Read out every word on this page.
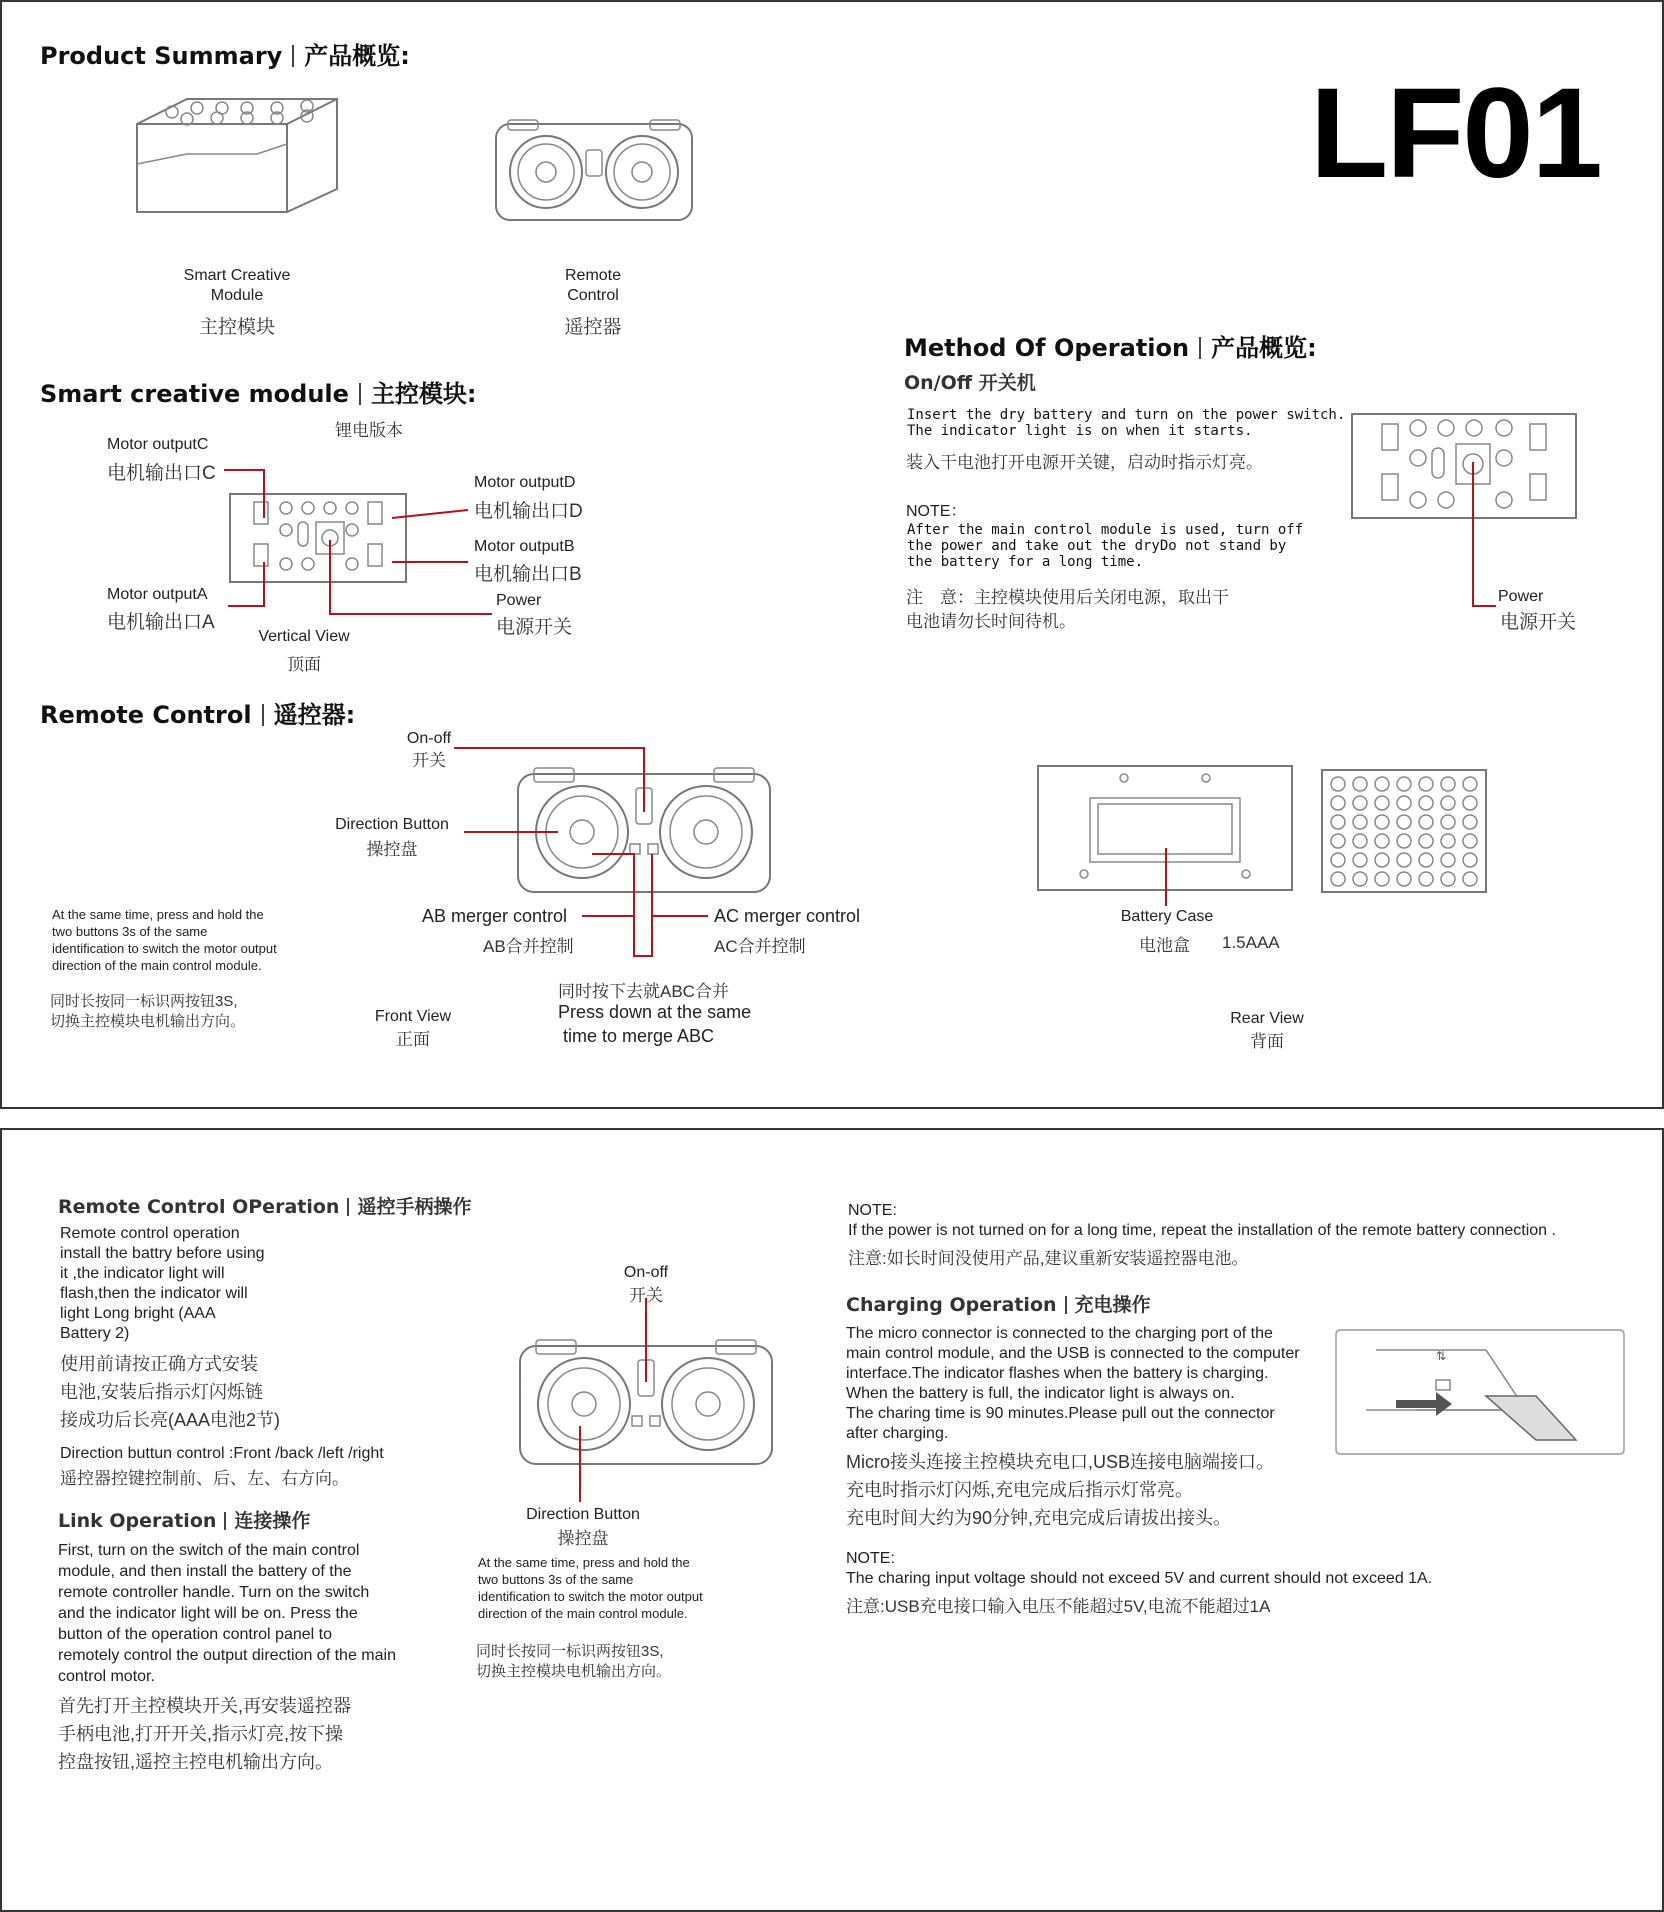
Product Summary 产品概览:
LF01
Smart Creative
Module
主控模块
Remote
Control
遥控器
Smart creative module 主控模块:
锂电版本
Motor outputC
电机输出口C	Motor outputD
电机输出口D
Motor outputB
电机输出口B
Motor outputA
电机输出口A
Power
电源开关
Vertical View
顶面
Method Of Operation 产品概览:
On/Off 开关机
Insert the dry battery and turn on the power switch.
The indicator light is on when it starts.
装入干电池打开电源开关键，启动时指示灯亮。
NOTE：
After the main control module is used, turn off
the power and take out the dryDo not stand by
the battery for a long time.
注　意：主控模块使用后关闭电源，取出干
电池请勿长时间待机。
Power
电源开关
Remote Control 遥控器:
On-off
开关
Direction Button
操控盘
AB merger control
AB合并控制
AC merger control
AC合并控制
同时按下去就ABC合并
Press down at the same
time to merge ABC
At the same time, press and hold the two buttons 3s of the same identification to switch the motor output direction of the main control module.
同时长按同一标识两按钮3S,
切换主控模块电机输出方向。	Front View
正面
Battery Case
电池盒 1.5AAA
Rear View
背面
Remote Control OPeration 遥控手柄操作
Remote control operation
install the battry before using
it ,the indicator light will
flash,then the indicator will
light Long bright (AAA
Battery 2)
使用前请按正确方式安装
电池,安装后指示灯闪烁链
接成功后长亮(AAA电池2节)
Direction buttun control :Front /back /left /right
遥控器控键控制前、后、左、右方向。
Link Operation 连接操作
First, turn on the switch of the main control
module, and then install the battery of the
remote controller handle. Turn on the switch
and the indicator light will be on. Press the
button of the operation control panel to
remotely control the output direction of the main
control motor.
首先打开主控模块开关,再安装遥控器
手柄电池,打开开关,指示灯亮,按下操
控盘按钮,遥控主控电机输出方向。
On-off
开关
Direction Button
操控盘
At the same time, press and hold the two buttons 3s of the same identification to switch the motor output direction of the main control module.
同时长按同一标识两按钮3S,
切换主控模块电机输出方向。
NOTE:
If the power is not turned on for a long time, repeat the installation of the remote battery connection .
注意:如长时间没使用产品,建议重新安装遥控器电池。
Charging Operation 充电操作
The micro connector is connected to the charging port of the
main control module, and the USB is connected to the computer
interface.The indicator flashes when the battery is charging.
When the battery is full, the indicator light is always on.
The charing time is 90 minutes.Please pull out the connector
after charging.
Micro接头连接主控模块充电口,USB连接电脑端接口。
充电时指示灯闪烁,充电完成后指示灯常亮。
充电时间大约为90分钟,充电完成后请拔出接头。
⇅
NOTE:
The charing input voltage should not exceed 5V and current should not exceed 1A.
注意:USB充电接口输入电压不能超过5V,电流不能超过1A
